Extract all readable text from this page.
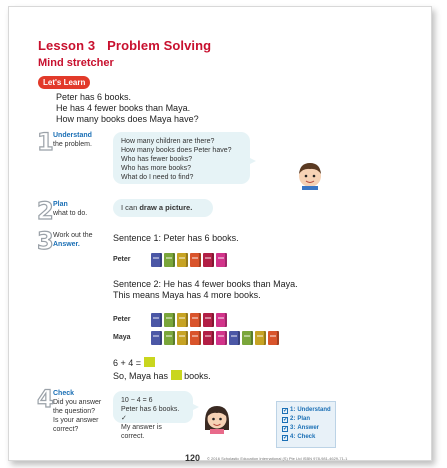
Lesson 3 Problem Solving
Mind stretcher
Let's Learn
Peter has 6 books.
He has 4 fewer books than Maya.
How many books does Maya have?
1 Understand
the problem.	How many children are there?
How many books does Peter have?
Who has fewer books?
Who has more books?
What do I need to find?
2 Plan
what to do.
I can draw a picture.
3 Work out the
Answer.
Sentence 1: Peter has 6 books.
Peter
Sentence 2: He has 4 fewer books than Maya.
This means Maya has 4 more books.
Peter
Maya
6 + 4 =
So, Maya has books.
4 Check
Did you answer
the question?
Is your answer
correct?
10 − 4 = 6
Peter has 6 books. ✓
My answer is correct.
✓ 1: Understand
✓ 2: Plan
✓ 3: Answer
✓ 4: Check
120 © 2016 Scholastic Education International (S) Pte Ltd ISBN 978-981-4629-71-1
